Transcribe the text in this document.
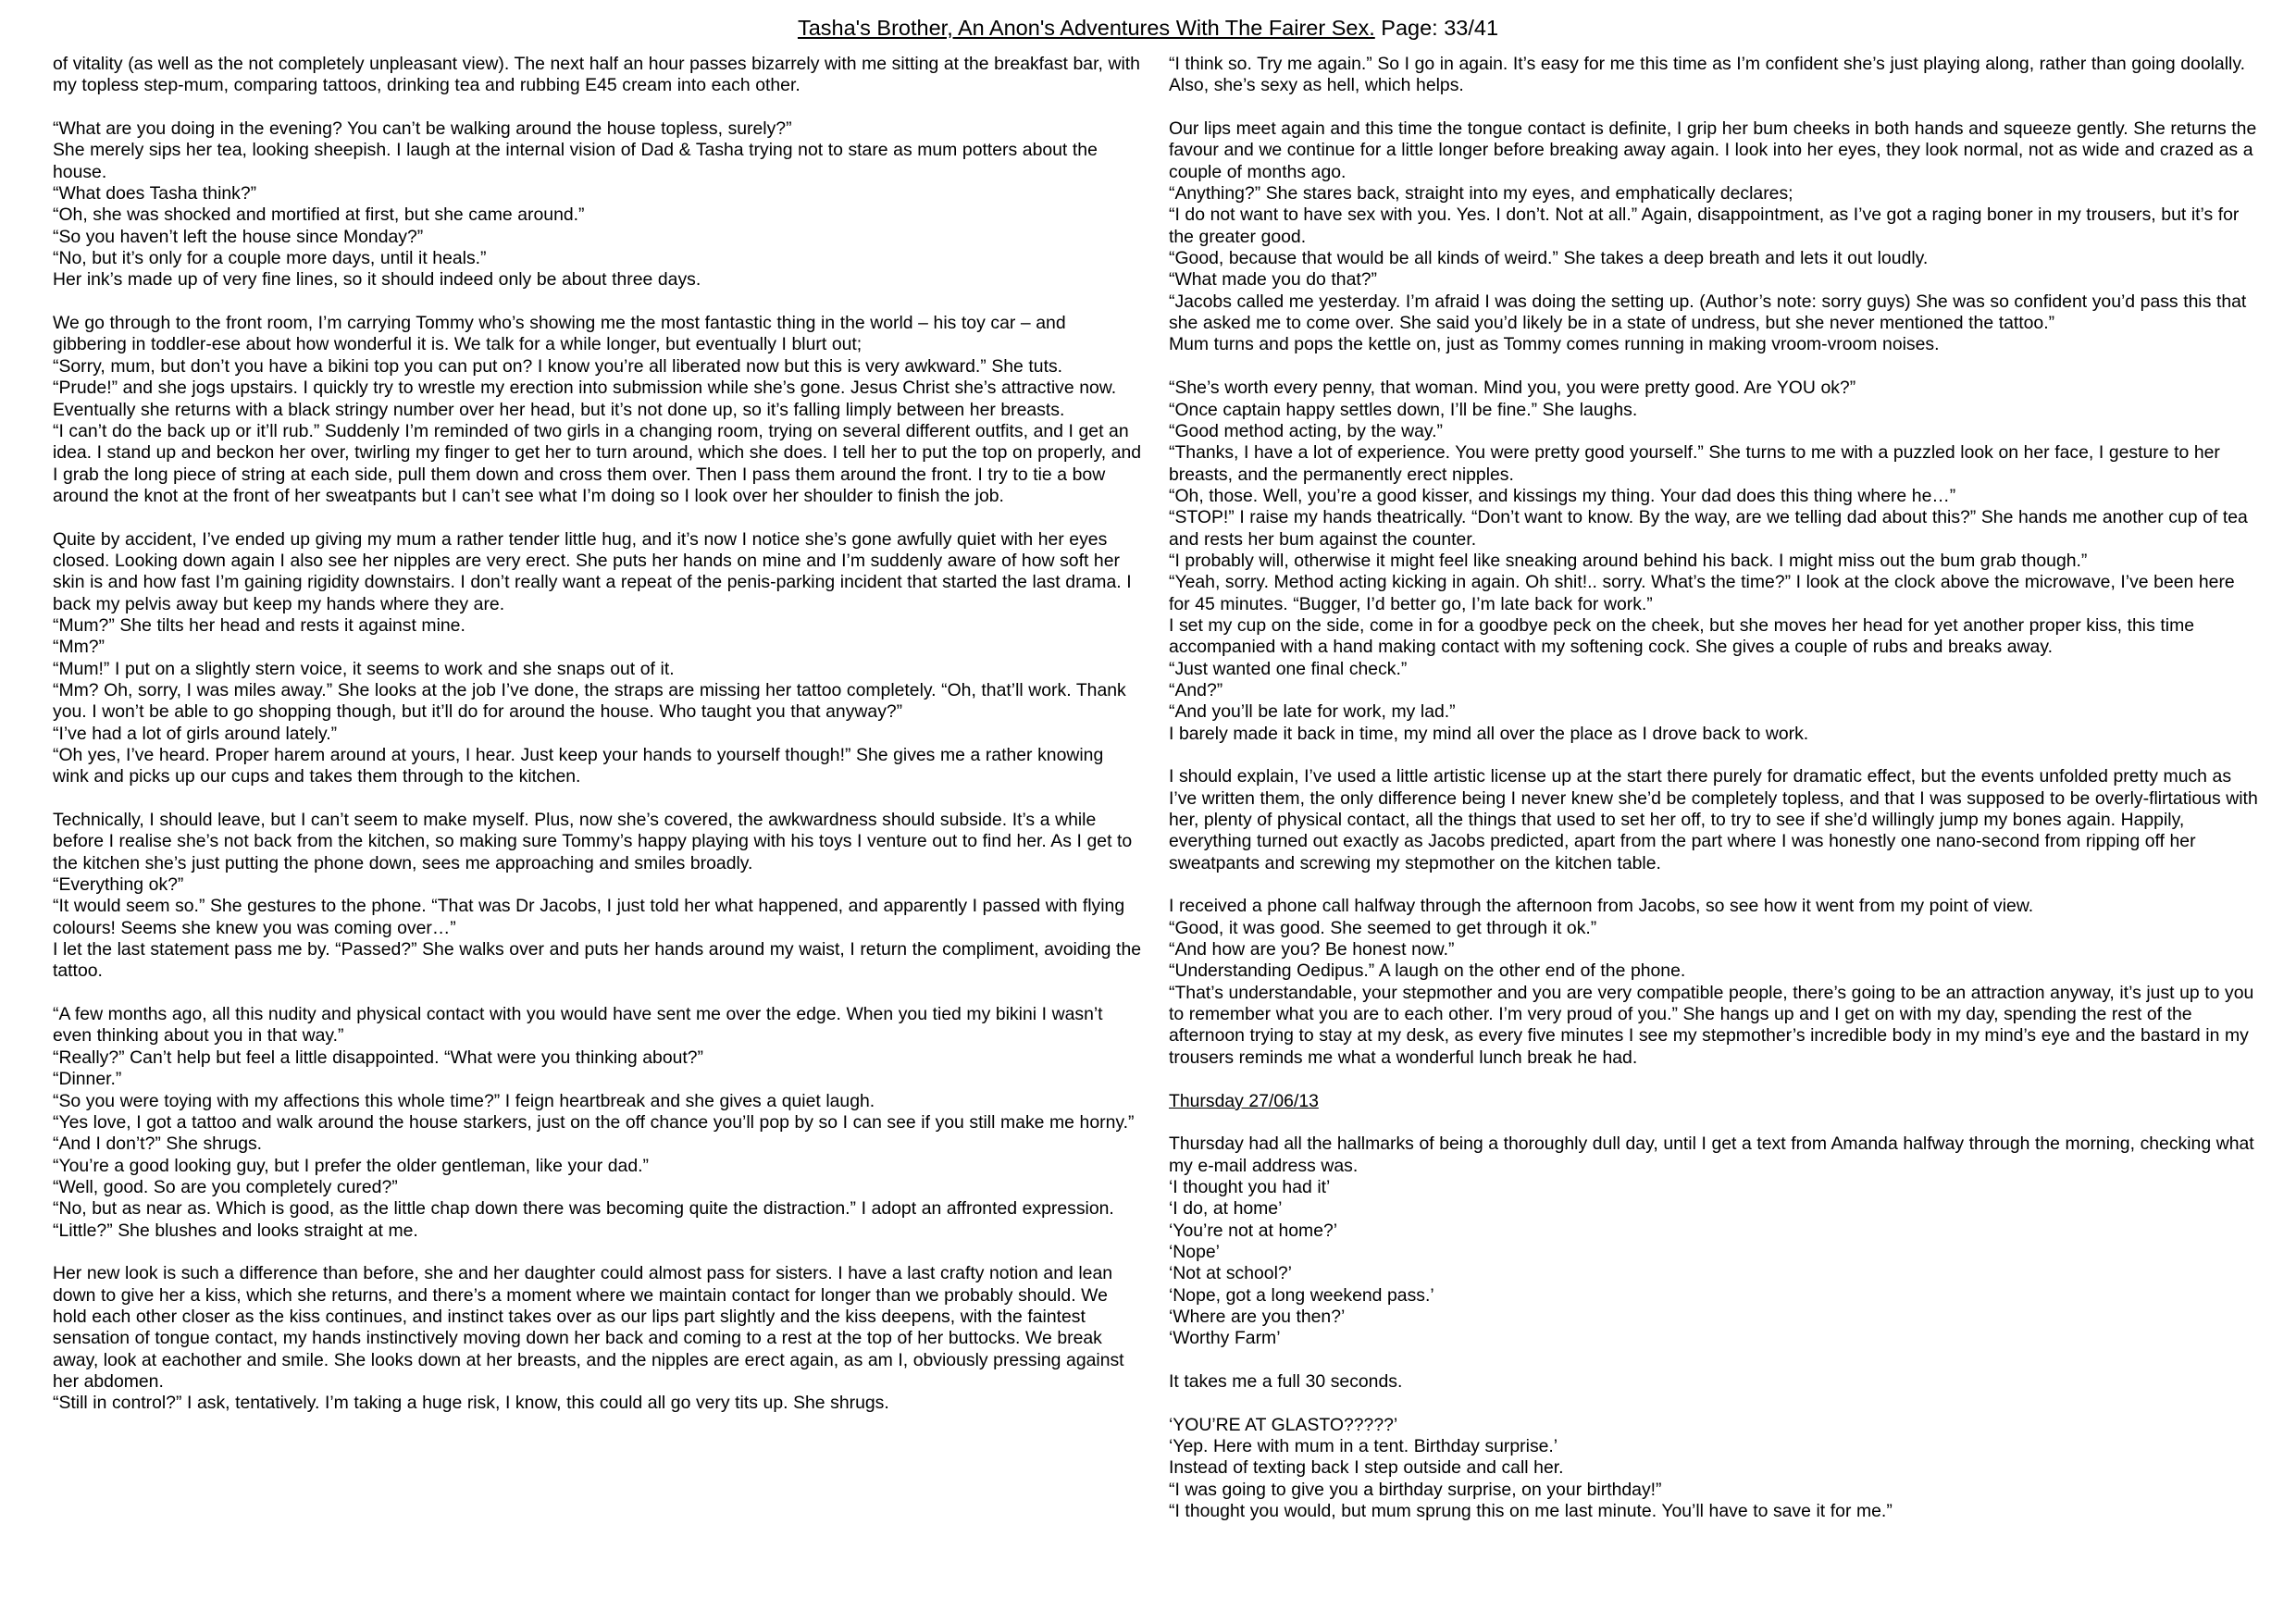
Tasha's Brother, An Anon's Adventures With The Fairer Sex. Page: 33/41
of vitality (as well as the not completely unpleasant view). The next half an hour passes bizarrely with me sitting at the breakfast bar, with my topless step-mum, comparing tattoos, drinking tea and rubbing E45 cream into each other.
“What are you doing in the evening? You can’t be walking around the house topless, surely?”
She merely sips her tea, looking sheepish. I laugh at the internal vision of Dad & Tasha trying not to stare as mum potters about the house.
“What does Tasha think?”
“Oh, she was shocked and mortified at first, but she came around.”
“So you haven’t left the house since Monday?”
“No, but it’s only for a couple more days, until it heals.”
Her ink’s made up of very fine lines, so it should indeed only be about three days.
We go through to the front room, I’m carrying Tommy who’s showing me the most fantastic thing in the world – his toy car – and gibbering in toddler-ese about how wonderful it is. We talk for a while longer, but eventually I blurt out;
“Sorry, mum, but don’t you have a bikini top you can put on? I know you’re all liberated now but this is very awkward.” She tuts.
“Prude!” and she jogs upstairs. I quickly try to wrestle my erection into submission while she’s gone. Jesus Christ she’s attractive now. Eventually she returns with a black stringy number over her head, but it’s not done up, so it’s falling limply between her breasts.
“I can’t do the back up or it’ll rub.” Suddenly I’m reminded of two girls in a changing room, trying on several different outfits, and I get an idea. I stand up and beckon her over, twirling my finger to get her to turn around, which she does. I tell her to put the top on properly, and I grab the long piece of string at each side, pull them down and cross them over. Then I pass them around the front. I try to tie a bow around the knot at the front of her sweatpants but I can’t see what I’m doing so I look over her shoulder to finish the job.
Quite by accident, I’ve ended up giving my mum a rather tender little hug, and it’s now I notice she’s gone awfully quiet with her eyes closed. Looking down again I also see her nipples are very erect. She puts her hands on mine and I’m suddenly aware of how soft her skin is and how fast I’m gaining rigidity downstairs. I don’t really want a repeat of the penis-parking incident that started the last drama. I back my pelvis away but keep my hands where they are.
“Mum?” She tilts her head and rests it against mine.
“Mm?”
“Mum!” I put on a slightly stern voice, it seems to work and she snaps out of it.
“Mm? Oh, sorry, I was miles away.” She looks at the job I’ve done, the straps are missing her tattoo completely. “Oh, that’ll work. Thank you. I won’t be able to go shopping though, but it’ll do for around the house. Who taught you that anyway?”
“I’ve had a lot of girls around lately.”
“Oh yes, I’ve heard. Proper harem around at yours, I hear. Just keep your hands to yourself though!” She gives me a rather knowing wink and picks up our cups and takes them through to the kitchen.
Technically, I should leave, but I can’t seem to make myself. Plus, now she’s covered, the awkwardness should subside. It’s a while before I realise she’s not back from the kitchen, so making sure Tommy’s happy playing with his toys I venture out to find her. As I get to the kitchen she’s just putting the phone down, sees me approaching and smiles broadly.
“Everything ok?”
“It would seem so.” She gestures to the phone. “That was Dr Jacobs, I just told her what happened, and apparently I passed with flying colours! Seems she knew you was coming over…”
I let the last statement pass me by. “Passed?” She walks over and puts her hands around my waist, I return the compliment, avoiding the tattoo.
“A few months ago, all this nudity and physical contact with you would have sent me over the edge. When you tied my bikini I wasn’t even thinking about you in that way.”
“Really?” Can’t help but feel a little disappointed. “What were you thinking about?”
“Dinner.”
“So you were toying with my affections this whole time?” I feign heartbreak and she gives a quiet laugh.
“Yes love, I got a tattoo and walk around the house starkers, just on the off chance you’ll pop by so I can see if you still make me horny.”
“And I don’t?” She shrugs.
“You’re a good looking guy, but I prefer the older gentleman, like your dad.”
“Well, good. So are you completely cured?”
“No, but as near as. Which is good, as the little chap down there was becoming quite the distraction.” I adopt an affronted expression.
“Little?” She blushes and looks straight at me.
Her new look is such a difference than before, she and her daughter could almost pass for sisters. I have a last crafty notion and lean down to give her a kiss, which she returns, and there’s a moment where we maintain contact for longer than we probably should. We hold each other closer as the kiss continues, and instinct takes over as our lips part slightly and the kiss deepens, with the faintest sensation of tongue contact, my hands instinctively moving down her back and coming to a rest at the top of her buttocks. We break away, look at eachother and smile. She looks down at her breasts, and the nipples are erect again, as am I, obviously pressing against her abdomen.
“Still in control?” I ask, tentatively. I’m taking a huge risk, I know, this could all go very tits up. She shrugs.
“I think so. Try me again.” So I go in again. It’s easy for me this time as I’m confident she’s just playing along, rather than going doolally. Also, she’s sexy as hell, which helps.
Our lips meet again and this time the tongue contact is definite, I grip her bum cheeks in both hands and squeeze gently. She returns the favour and we continue for a little longer before breaking away again. I look into her eyes, they look normal, not as wide and crazed as a couple of months ago.
“Anything?” She stares back, straight into my eyes, and emphatically declares;
“I do not want to have sex with you. Yes. I don’t. Not at all.” Again, disappointment, as I’ve got a raging boner in my trousers, but it’s for the greater good.
“Good, because that would be all kinds of weird.” She takes a deep breath and lets it out loudly.
“What made you do that?”
“Jacobs called me yesterday. I’m afraid I was doing the setting up. (Author’s note: sorry guys) She was so confident you’d pass this that she asked me to come over. She said you’d likely be in a state of undress, but she never mentioned the tattoo.”
Mum turns and pops the kettle on, just as Tommy comes running in making vroom-vroom noises.
“She’s worth every penny, that woman. Mind you, you were pretty good. Are YOU ok?”
“Once captain happy settles down, I’ll be fine.” She laughs.
“Good method acting, by the way.”
“Thanks, I have a lot of experience. You were pretty good yourself.” She turns to me with a puzzled look on her face, I gesture to her breasts, and the permanently erect nipples.
“Oh, those. Well, you’re a good kisser, and kissings my thing. Your dad does this thing where he…”
“STOP!” I raise my hands theatrically. “Don’t want to know. By the way, are we telling dad about this?” She hands me another cup of tea and rests her bum against the counter.
“I probably will, otherwise it might feel like sneaking around behind his back. I might miss out the bum grab though.”
“Yeah, sorry. Method acting kicking in again. Oh shit!.. sorry. What’s the time?” I look at the clock above the microwave, I’ve been here for 45 minutes. “Bugger, I’d better go, I’m late back for work.”
I set my cup on the side, come in for a goodbye peck on the cheek, but she moves her head for yet another proper kiss, this time accompanied with a hand making contact with my softening cock. She gives a couple of rubs and breaks away.
“Just wanted one final check.”
“And?”
“And you’ll be late for work, my lad.”
I barely made it back in time, my mind all over the place as I drove back to work.
I should explain, I’ve used a little artistic license up at the start there purely for dramatic effect, but the events unfolded pretty much as I’ve written them, the only difference being I never knew she’d be completely topless, and that I was supposed to be overly-flirtatious with her, plenty of physical contact, all the things that used to set her off, to try to see if she’d willingly jump my bones again. Happily, everything turned out exactly as Jacobs predicted, apart from the part where I was honestly one nano-second from ripping off her sweatpants and screwing my stepmother on the kitchen table.
I received a phone call halfway through the afternoon from Jacobs, so see how it went from my point of view.
“Good, it was good. She seemed to get through it ok.”
“And how are you? Be honest now.”
“Understanding Oedipus.” A laugh on the other end of the phone.
“That’s understandable, your stepmother and you are very compatible people, there’s going to be an attraction anyway, it’s just up to you to remember what you are to each other. I’m very proud of you.” She hangs up and I get on with my day, spending the rest of the afternoon trying to stay at my desk, as every five minutes I see my stepmother’s incredible body in my mind’s eye and the bastard in my trousers reminds me what a wonderful lunch break he had.
Thursday 27/06/13
Thursday had all the hallmarks of being a thoroughly dull day, until I get a text from Amanda halfway through the morning, checking what my e-mail address was.
‘I thought you had it’
‘I do, at home’
‘You’re not at home?’
‘Nope’
‘Not at school?’
‘Nope, got a long weekend pass.’
‘Where are you then?’
‘Worthy Farm’
It takes me a full 30 seconds.
‘YOU’RE AT GLASTO?????’
‘Yep. Here with mum in a tent. Birthday surprise.’
Instead of texting back I step outside and call her.
“I was going to give you a birthday surprise, on your birthday!”
“I thought you would, but mum sprung this on me last minute. You’ll have to save it for me.”
